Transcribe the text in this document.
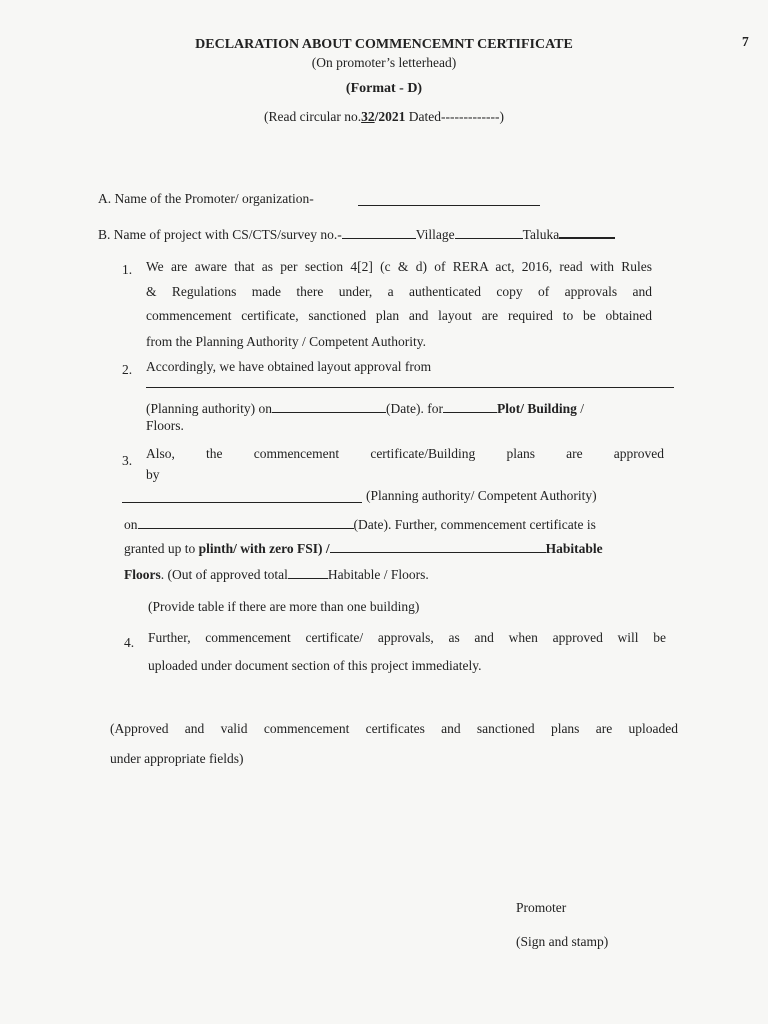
7
DECLARATION ABOUT COMMENCEMNT CERTIFICATE
(On promoter’s letterhead)
(Format - D)
(Read circular no.32/2021 Dated-------------)
A. Name of the Promoter/ organization-
B. Name of project with CS/CTS/survey no.-	Village	Taluka
1. We are aware that as per section 4[2] (c & d) of RERA act, 2016, read with Rules
& Regulations made there under, a authenticated copy of approvals and
commencement certificate, sanctioned plan and layout are required to be obtained
from the Planning Authority / Competent Authority.
2. Accordingly, we have obtained layout approval from
(Planning authority) on	(Date). for	Plot/ Building /
Floors.
3. Also, the commencement certificate/Building plans are approved
by
(Planning authority/ Competent Authority)
on	(Date). Further, commencement certificate is
granted up to plinth/ with zero FSI) /	Habitable
Floors. (Out of approved total	Habitable / Floors.
(Provide table if there are more than one building)
4. Further, commencement certificate/ approvals, as and when approved will be
uploaded under document section of this project immediately.
(Approved and valid commencement certificates and sanctioned plans are uploaded
under appropriate fields)
Promoter
(Sign and stamp)
